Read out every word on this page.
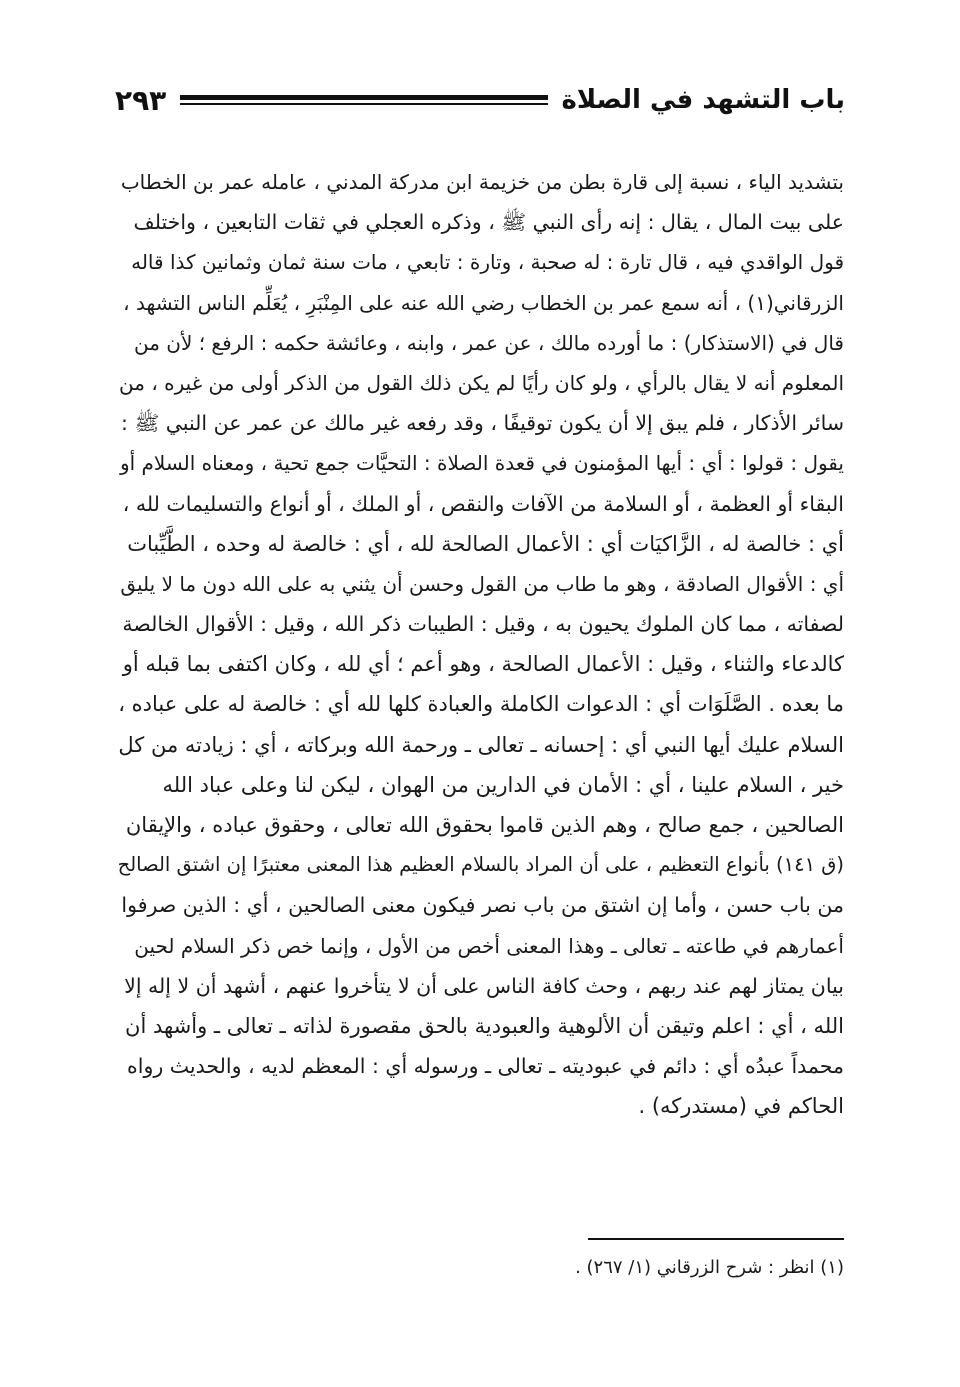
باب التشهد في الصلاة
٢٩٣
بتشديد الياء ، نسبة إلى قارة بطن من خزيمة ابن مدركة المدني ، عامله عمر بن الخطاب
على بيت المال ، يقال : إنه رأى النبي ﷺ ، وذكره العجلي في ثقات التابعين ، واختلف
قول الواقدي فيه ، قال تارة : له صحبة ، وتارة : تابعي ، مات سنة ثمان وثمانين كذا قاله
الزرقاني(١) ، أنه سمع عمر بن الخطاب رضي الله عنه على المِنْبَرِ ، يُعَلِّم الناس التشهد ،
قال في (الاستذكار) : ما أورده مالك ، عن عمر ، وابنه ، وعائشة حكمه : الرفع ؛ لأن من
المعلوم أنه لا يقال بالرأي ، ولو كان رأيًا لم يكن ذلك القول من الذكر أولى من غيره ، من
سائر الأذكار ، فلم يبق إلا أن يكون توقيفًا ، وقد رفعه غير مالك عن عمر عن النبي ﷺ :
يقول : قولوا : أي : أيها المؤمنون في قعدة الصلاة : التحيَّات جمع تحية ، ومعناه السلام أو
البقاء أو العظمة ، أو السلامة من الآفات والنقص ، أو الملك ، أو أنواع والتسليمات لله ،
أي : خالصة له ، الزَّاكيَات أي : الأعمال الصالحة لله ، أي : خالصة له وحده ، الطَّيِّبات
أي : الأقوال الصادقة ، وهو ما طاب من القول وحسن أن يثني به على الله دون ما لا يليق
لصفاته ، مما كان الملوك يحيون به ، وقيل : الطيبات ذكر الله ، وقيل : الأقوال الخالصة
كالدعاء والثناء ، وقيل : الأعمال الصالحة ، وهو أعم ؛ أي لله ، وكان اكتفى بما قبله أو
ما بعده . الصَّلَوَات أي : الدعوات الكاملة والعبادة كلها لله أي : خالصة له على عباده ،
السلام عليك أيها النبي أي : إحسانه ـ تعالى ـ ورحمة الله وبركاته ، أي : زيادته من كل
خير ، السلام علينا ، أي : الأمان في الدارين من الهوان ، ليكن لنا وعلى عباد الله
الصالحين ، جمع صالح ، وهم الذين قاموا بحقوق الله تعالى ، وحقوق عباده ، والإيقان
(ق ١٤١) بأنواع التعظيم ، على أن المراد بالسلام العظيم هذا المعنى معتبرًا إن اشتق الصالح
من باب حسن ، وأما إن اشتق من باب نصر فيكون معنى الصالحين ، أي : الذين صرفوا
أعمارهم في طاعته ـ تعالى ـ وهذا المعنى أخص من الأول ، وإنما خص ذكر السلام لحين
بيان يمتاز لهم عند ربهم ، وحث كافة الناس على أن لا يتأخروا عنهم ، أشهد أن لا إله إلا
الله ، أي : اعلم وتيقن أن الألوهية والعبودية بالحق مقصورة لذاته ـ تعالى ـ وأشهد أن
محمداً عبدُه أي : دائم في عبوديته ـ تعالى ـ ورسوله أي : المعظم لديه ، والحديث رواه
الحاكم في (مستدركه) .
(١) انظر : شرح الزرقاني (١/ ٢٦٧) .
